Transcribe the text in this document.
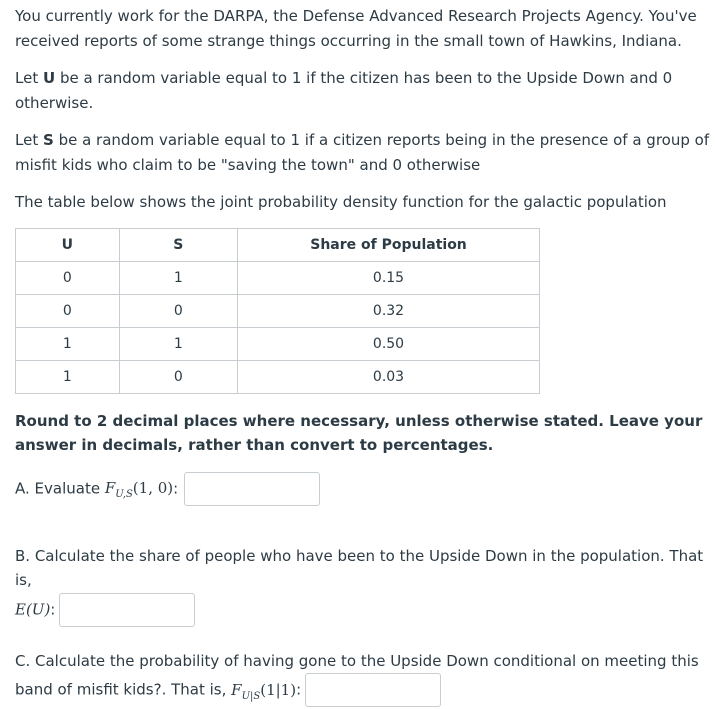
You currently work for the DARPA, the Defense Advanced Research Projects Agency. You've received reports of some strange things occurring in the small town of Hawkins, Indiana.

Let U be a random variable equal to 1 if the citizen has been to the Upside Down and 0 otherwise.

Let S be a random variable equal to 1 if a citizen reports being in the presence of a group of misfit kids who claim to be "saving the town" and 0 otherwise

The table below shows the joint probability density function for the galactic population

U	S	Share of Population
0	1	0.15
0	0	0.32
1	1	0.50
1	0	0.03

Round to 2 decimal places where necessary, unless otherwise stated. Leave your answer in decimals, rather than convert to percentages.

A. Evaluate $F_{U,S}(1$, 0):
B. Calculate the share of people who have been to the Upside Down in the population. That is,
E(U):
C. Calculate the probability of having gone to the Upside Down conditional on meeting this band of misfit kids?. That is, $F_{U|S}(1|1)$:
